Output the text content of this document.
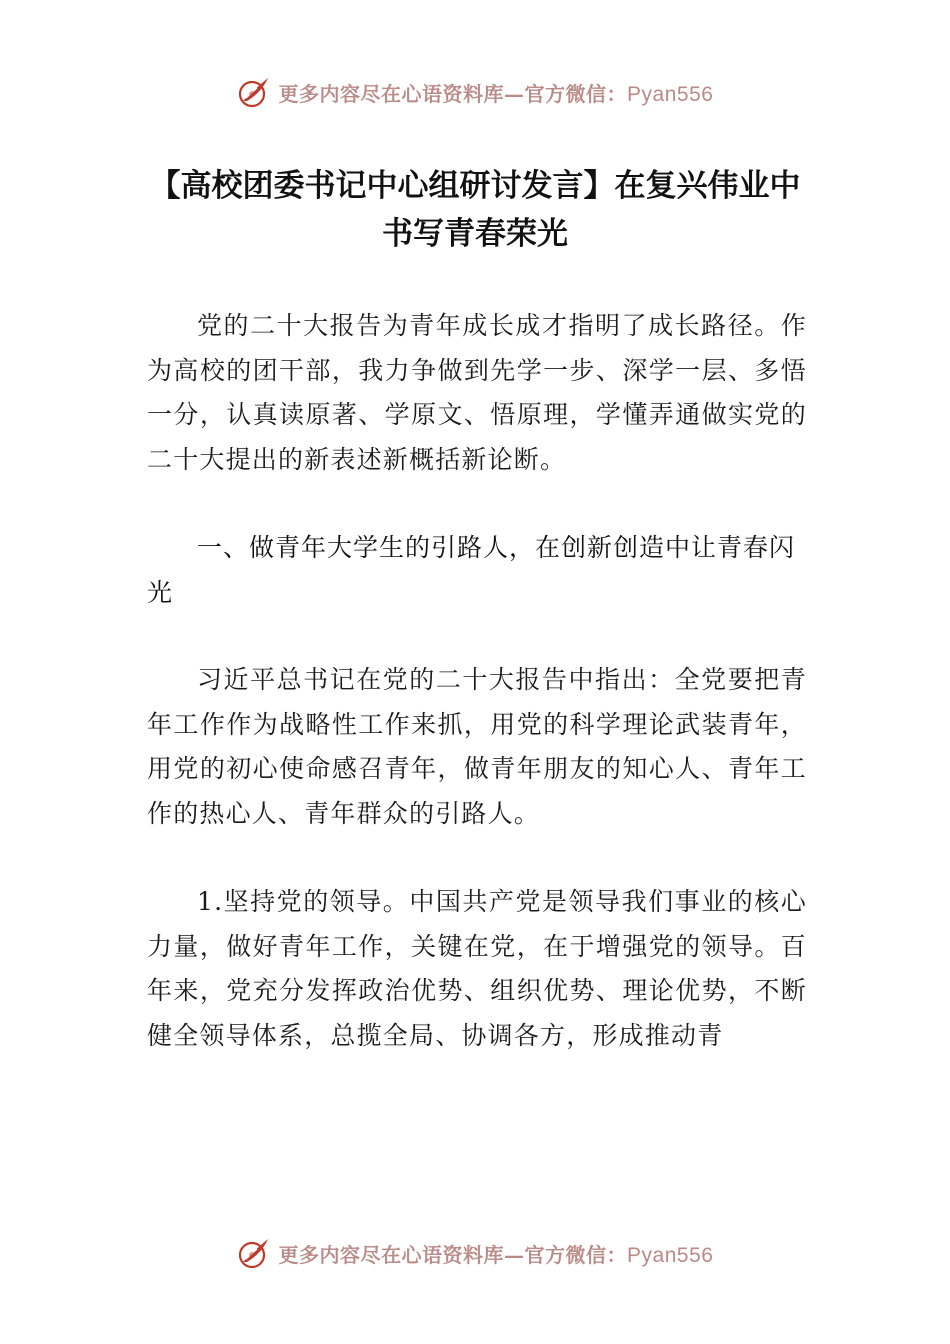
更多内容尽在心语资料库—官方微信：Pyan556
【高校团委书记中心组研讨发言】在复兴伟业中书写青春荣光

党的二十大报告为青年成长成才指明了成长路径。作为高校的团干部，我力争做到先学一步、深学一层、多悟一分，认真读原著、学原文、悟原理，学懂弄通做实党的二十大提出的新表述新概括新论断。

一、做青年大学生的引路人，在创新创造中让青春闪光

习近平总书记在党的二十大报告中指出：全党要把青年工作作为战略性工作来抓，用党的科学理论武装青年，用党的初心使命感召青年，做青年朋友的知心人、青年工作的热心人、青年群众的引路人。

1.坚持党的领导。中国共产党是领导我们事业的核心力量，做好青年工作，关键在党，在于增强党的领导。百年来，党充分发挥政治优势、组织优势、理论优势，不断健全领导体系，总揽全局、协调各方，形成推动青

更多内容尽在心语资料库—官方微信：Pyan556
